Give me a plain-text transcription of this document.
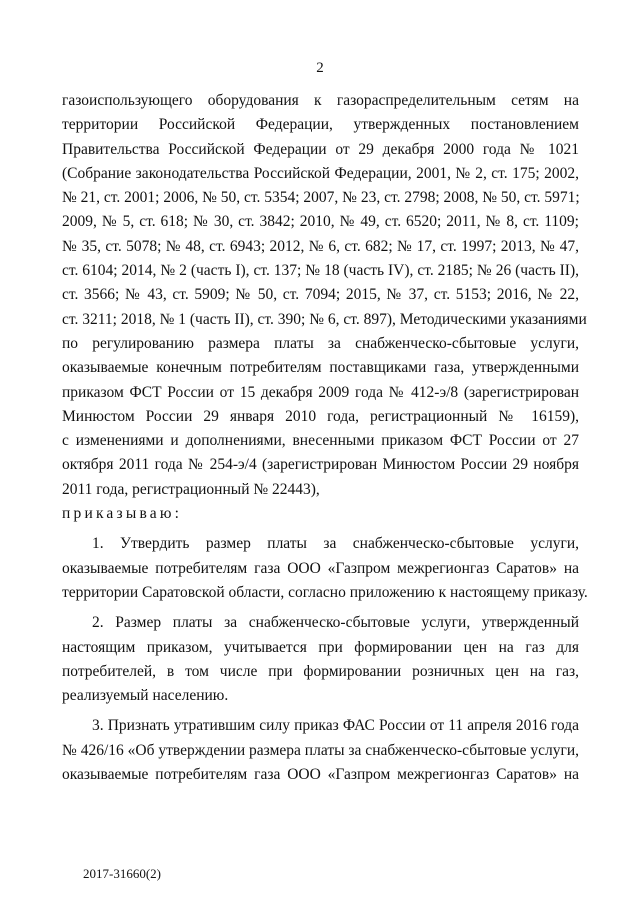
2
газоиспользующего оборудования к газораспределительным сетям на
территории Российской Федерации, утвержденных постановлением
Правительства Российской Федерации от 29 декабря 2000 года № 1021
(Собрание законодательства Российской Федерации, 2001, № 2, ст. 175; 2002,
№ 21, ст. 2001; 2006, № 50, ст. 5354; 2007, № 23, ст. 2798; 2008, № 50, ст. 5971;
2009, № 5, ст. 618; № 30, ст. 3842; 2010, № 49, ст. 6520; 2011, № 8, ст. 1109;
№ 35, ст. 5078; № 48, ст. 6943; 2012, № 6, ст. 682; № 17, ст. 1997; 2013, № 47,
ст. 6104; 2014, № 2 (часть I), ст. 137; № 18 (часть IV), ст. 2185; № 26 (часть II),
ст. 3566; № 43, ст. 5909; № 50, ст. 7094; 2015, № 37, ст. 5153; 2016, № 22,
ст. 3211; 2018, № 1 (часть II), ст. 390; № 6, ст. 897), Методическими указаниями
по регулированию размера платы за снабженческо-сбытовые услуги,
оказываемые конечным потребителям поставщиками газа, утвержденными
приказом ФСТ России от 15 декабря 2009 года № 412-э/8 (зарегистрирован
Минюстом России 29 января 2010 года, регистрационный № 16159),
с изменениями и дополнениями, внесенными приказом ФСТ России от 27
октября 2011 года № 254-э/4 (зарегистрирован Минюстом России 29 ноября
2011 года, регистрационный № 22443),
приказываю:
1. Утвердить размер платы за снабженческо-сбытовые услуги,
оказываемые потребителям газа ООО «Газпром межрегионгаз Саратов» на
территории Саратовской области, согласно приложению к настоящему приказу.
2. Размер платы за снабженческо-сбытовые услуги, утвержденный
настоящим приказом, учитывается при формировании цен на газ для
потребителей, в том числе при формировании розничных цен на газ,
реализуемый населению.
3. Признать утратившим силу приказ ФАС России от 11 апреля 2016 года
№ 426/16 «Об утверждении размера платы за снабженческо-сбытовые услуги,
оказываемые потребителям газа ООО «Газпром межрегионгаз Саратов» на
2017-31660(2)
